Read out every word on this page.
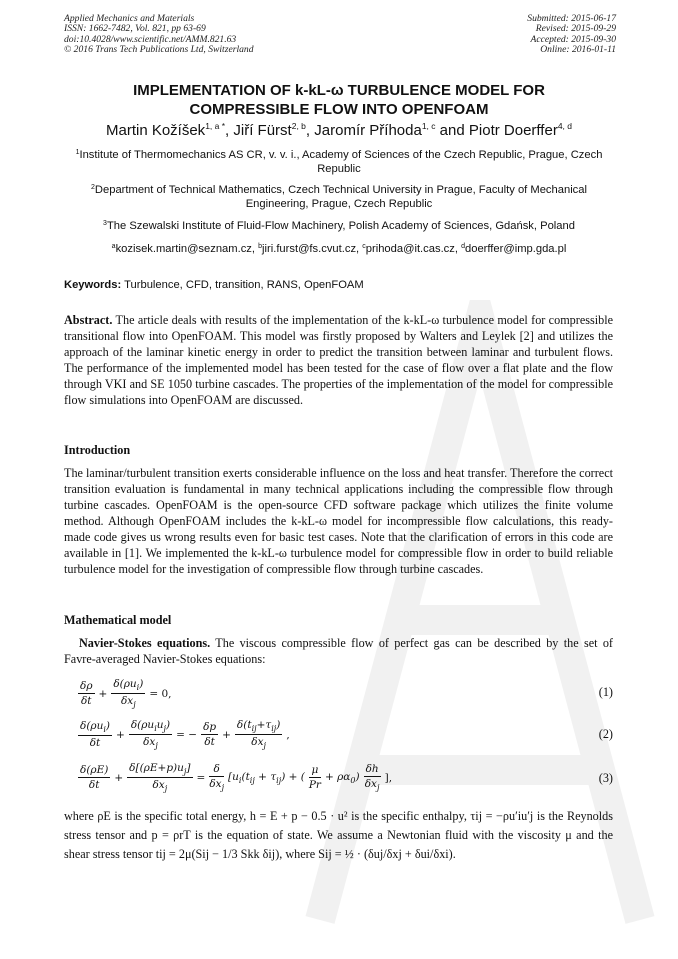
Applied Mechanics and Materials
ISSN: 1662-7482, Vol. 821, pp 63-69
doi:10.4028/www.scientific.net/AMM.821.63
© 2016 Trans Tech Publications Ltd, Switzerland
Submitted: 2015-06-17
Revised: 2015-09-29
Accepted: 2015-09-30
Online: 2016-01-11
IMPLEMENTATION OF k-kL-ω TURBULENCE MODEL FOR
COMPRESSIBLE FLOW INTO OPENFOAM
Martin Kožíšek$^{1, a *}$, Jiří Fürst$^{2, b}$, Jaromír Příhoda$^{1, c}$ and Piotr Doerffer$^{4, d}$
$^1$Institute of Thermomechanics AS CR, v. v. i., Academy of Sciences of the Czech Republic, Prague, Czech Republic
$^2$Department of Technical Mathematics, Czech Technical University in Prague, Faculty of Mechanical Engineering, Prague, Czech Republic
$^3$The Szewalski Institute of Fluid-Flow Machinery, Polish Academy of Sciences, Gdańsk, Poland
$^a$kozisek.martin@seznam.cz, $^b$jiri.furst@fs.cvut.cz, $^c$prihoda@it.cas.cz, $^d$doerffer@imp.gda.pl
Keywords: Turbulence, CFD, transition, RANS, OpenFOAM
Abstract. The article deals with results of the implementation of the k-kL-ω turbulence model for compressible transitional flow into OpenFOAM. This model was firstly proposed by Walters and Leylek [2] and utilizes the approach of the laminar kinetic energy in order to predict the transition between laminar and turbulent flows. The performance of the implemented model has been tested for the case of flow over a flat plate and the flow through VKI and SE 1050 turbine cascades. The properties of the implementation of the model for compressible flow simulations into OpenFOAM are discussed.
Introduction
The laminar/turbulent transition exerts considerable influence on the loss and heat transfer. Therefore the correct transition evaluation is fundamental in many technical applications including the compressible flow through turbine cascades. OpenFOAM is the open-source CFD software package which utilizes the finite volume method. Although OpenFOAM includes the k-kL-ω model for incompressible flow calculations, this ready-made code gives us wrong results even for basic test cases. Note that the clarification of errors in this code are available in [1]. We implemented the k-kL-ω turbulence model for compressible flow in order to build reliable turbulence model for the investigation of compressible flow through turbine cascades.
Mathematical model
Navier-Stokes equations. The viscous compressible flow of perfect gas can be described by the set of Favre-averaged Navier-Stokes equations:
$\frac{\delta\rho}{\delta t} + \frac{\delta(\rho u_i)}{\delta x_j} = 0$,	(1)
$\frac{\delta(\rho u_i)}{\delta t} + \frac{\delta(\rho u_iu_j)}{\delta x_j}$ = − $\frac{\delta p}{\delta t} + \frac{\delta(t_{ij}+\tau_{ij})}{\delta x_j}$ ,	(2)
$\frac{\delta(\rho E)}{\delta t} + \frac{\delta[(\rho E+p)u_j]}{\delta x_j} = \frac{\delta}{\delta x_j} [u_i(t_{ij} + \tau_{ij})$ + ( $\frac{\mu}{Pr} + \rho\alpha_0) \frac{\delta h}{\delta x_j}$ ],	(3)
where ρE is the specific total energy, h = E + p − 0.5 · u² is the specific enthalpy, τij = −ρu′iu′j is the Reynolds stress tensor and p = ρrT is the equation of state. We assume a Newtonian fluid with the viscosity μ and the shear stress tensor tij = 2μ(Sij − 1/3 Skk δij), where Sij = ½ · (δuj/δxj + δui/δxi).
